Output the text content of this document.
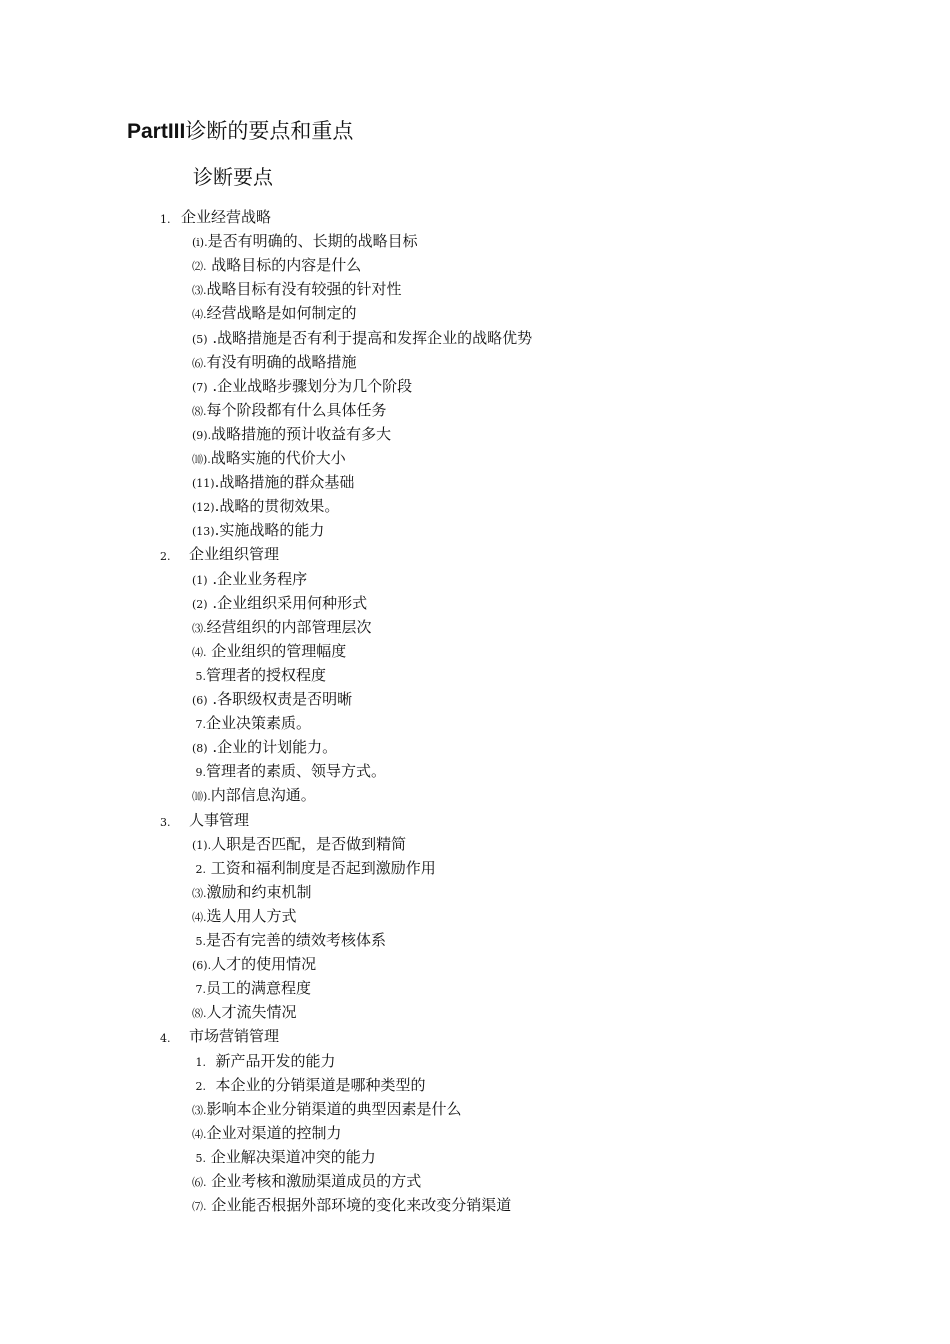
PartIII诊断的要点和重点
诊断要点
1. 企业经营战略
(i).是否有明确的、长期的战略目标
⑵. 战略目标的内容是什么
⑶.战略目标有没有较强的针对性
⑷.经营战略是如何制定的
(5) .战略措施是否有利于提高和发挥企业的战略优势
⑹.有没有明确的战略措施
(7) .企业战略步骤划分为几个阶段
⑻.每个阶段都有什么具体任务
(9).战略措施的预计收益有多大
⑽).战略实施的代价大小
(11).战略措施的群众基础
(12).战略的贯彻效果。
(13).实施战略的能力
2. 企业组织管理
(1) .企业业务程序
(2) .企业组织采用何种形式
⑶.经营组织的内部管理层次
⑷. 企业组织的管理幅度
5.管理者的授权程度
(6) .各职级权责是否明晰
7.企业决策素质。
(8) .企业的计划能力。
9.管理者的素质、领导方式。
⑽).内部信息沟通。
3. 人事管理
(1).人职是否匹配，是否做到精简
2. 工资和福利制度是否起到激励作用
⑶.激励和约束机制
⑷.选人用人方式
5.是否有完善的绩效考核体系
(6).人才的使用情况
7.员工的满意程度
⑻.人才流失情况
4. 市场营销管理
1.  新产品开发的能力
2.  本企业的分销渠道是哪种类型的
⑶.影响本企业分销渠道的典型因素是什么
⑷.企业对渠道的控制力
5. 企业解决渠道冲突的能力
⑹. 企业考核和激励渠道成员的方式
⑺. 企业能否根据外部环境的变化来改变分销渠道
